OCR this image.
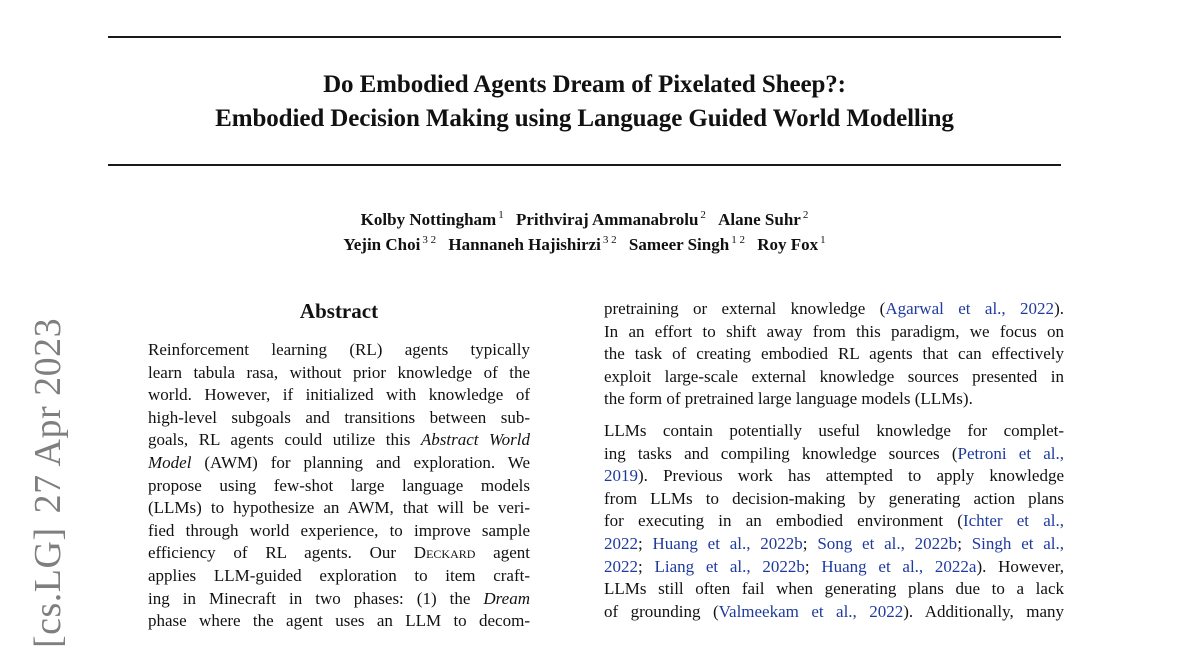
Do Embodied Agents Dream of Pixelated Sheep?:
Embodied Decision Making using Language Guided World Modelling
Kolby Nottingham $^1$ Prithviraj Ammanabrolu $^2$ Alane Suhr $^2$
Yejin Choi $^{3 2}$ Hannaneh Hajishirzi $^{3 2}$ Sameer Singh $^{1 2}$ Roy Fox $^1$
[cs.LG]27 Apr 2023
Abstract
Reinforcement learning (RL) agents typically
learn tabula rasa, without prior knowledge of the
world. However, if initialized with knowledge of
high-level subgoals and transitions between sub-
goals, RL agents could utilize this Abstract World
Model (AWM) for planning and exploration. We
propose using few-shot large language models
(LLMs) to hypothesize an AWM, that will be veri-
fied through world experience, to improve sample
efficiency of RL agents. Our Deckard agent
applies LLM-guided exploration to item craft-
ing in Minecraft in two phases: (1) the Dream
phase where the agent uses an LLM to decom-
pretraining or external knowledge (Agarwal et al., 2022).
In an effort to shift away from this paradigm, we focus on
the task of creating embodied RL agents that can effectively
exploit large-scale external knowledge sources presented in
the form of pretrained large language models (LLMs).
LLMs contain potentially useful knowledge for complet-
ing tasks and compiling knowledge sources (Petroni et al.,
2019). Previous work has attempted to apply knowledge
from LLMs to decision-making by generating action plans
for executing in an embodied environment (Ichter et al.,
2022; Huang et al., 2022b; Song et al., 2022b; Singh et al.,
2022; Liang et al., 2022b; Huang et al., 2022a). However,
LLMs still often fail when generating plans due to a lack
of grounding (Valmeekam et al., 2022). Additionally, many
